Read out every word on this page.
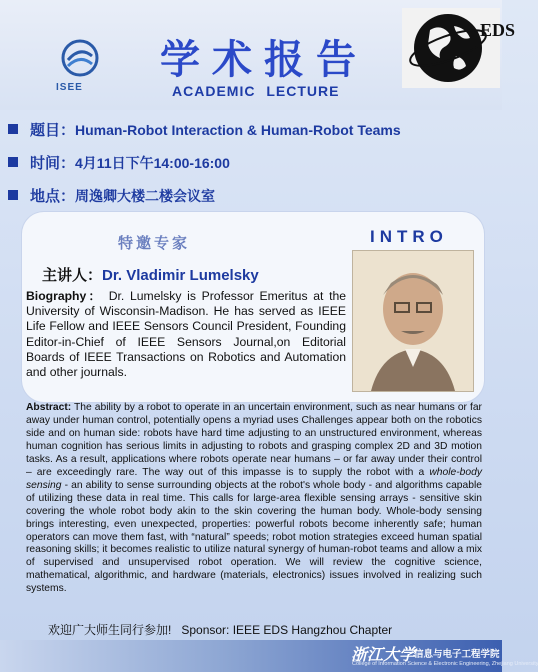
ISEE
学术报告
ACADEMIC LECTURE
EDS
题目：Human-Robot Interaction & Human-Robot Teams
时间：4月11日下午14:00-16:00
地点：周逸卿大楼二楼会议室
特邀专家	INTRO
主讲人：Dr. Vladimir Lumelsky
Biography： Dr. Lumelsky is Professor Emeritus at the University of Wisconsin-Madison. He has served as IEEE Life Fellow and IEEE Sensors Council President, Founding Editor-in-Chief of IEEE Sensors Journal,on Editorial Boards of IEEE Transactions on Robotics and Automation and other journals.
Abstract: The ability by a robot to operate in an uncertain environment, such as near humans or far away under human control, potentially opens a myriad uses Challenges appear both on the robotics side and on human side: robots have hard time adjusting to an unstructured environment, whereas human cognition has serious limits in adjusting to robots and grasping complex 2D and 3D motion tasks. As a result, applications where robots operate near humans – or far away under their control – are exceedingly rare. The way out of this impasse is to supply the robot with a whole-body sensing - an ability to sense surrounding objects at the robot's whole body - and algorithms capable of utilizing these data in real time. This calls for large-area flexible sensing arrays - sensitive skin covering the whole robot body akin to the skin covering the human body. Whole-body sensing brings interesting, even unexpected, properties: powerful robots become inherently safe; human operators can move them fast, with “natural” speeds; robot motion strategies exceed human spatial reasoning skills; it becomes realistic to utilize natural synergy of human-robot teams and allow a mix of supervised and unsupervised robot operation. We will review the cognitive science, mathematical, algorithmic, and hardware (materials, electronics) issues involved in realizing such systems.
欢迎广大师生同行参加! Sponsor: IEEE EDS Hangzhou Chapter
浙江大学
信息与电子工程学院
College of Information Science & Electronic Engineering, Zhejiang University
